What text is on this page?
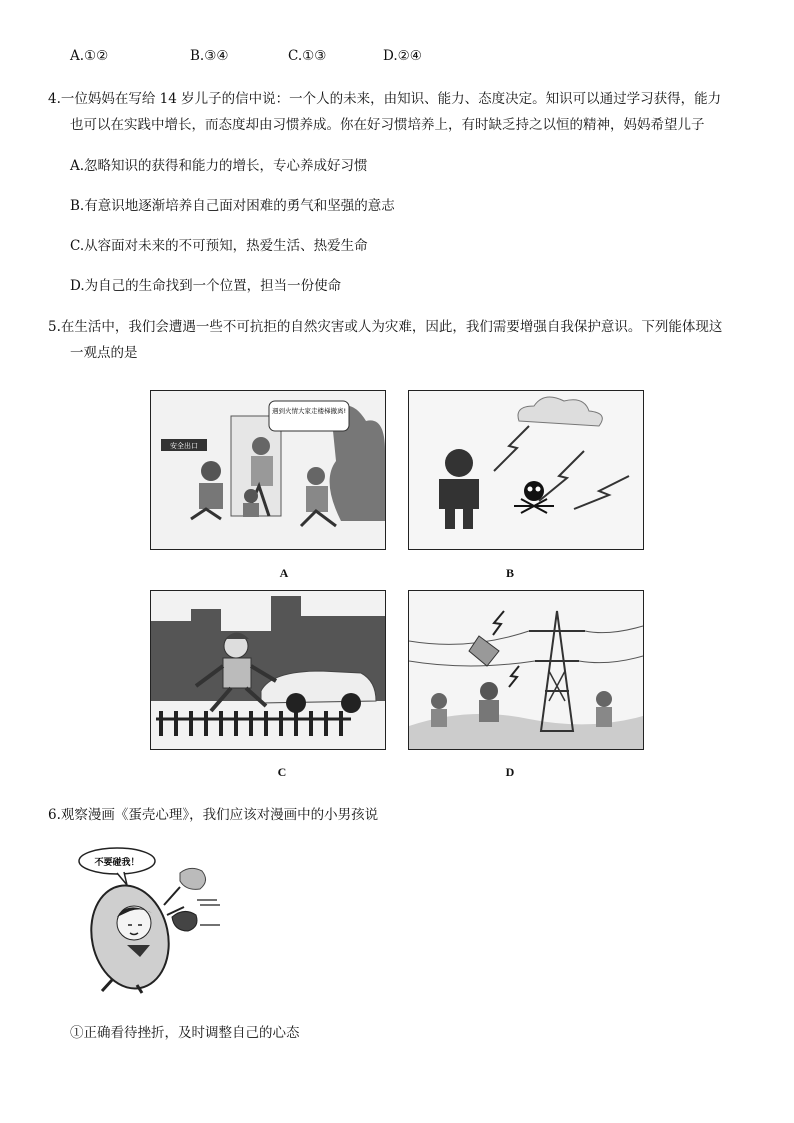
A.①②	B.③④	C.①③	D.②④
4.一位妈妈在写给 14 岁儿子的信中说：一个人的未来，由知识、能力、态度决定。知识可以通过学习获得，能力
也可以在实践中增长，而态度却由习惯养成。你在好习惯培养上，有时缺乏持之以恒的精神，妈妈希望儿子
A.忽略知识的获得和能力的增长，专心养成好习惯
B.有意识地逐渐培养自己面对困难的勇气和坚强的意志
C.从容面对未来的不可预知，热爱生活、热爱生命
D.为自己的生命找到一个位置，担当一份使命
5.在生活中，我们会遭遇一些不可抗拒的自然灾害或人为灾难，因此，我们需要增强自我保护意识。下列能体现这
一观点的是
安全出口
遇到火情大家走楼梯撤离!
A	B
C	D
6.观察漫画《蛋壳心理》，我们应该对漫画中的小男孩说
不要碰我！
①正确看待挫折，及时调整自己的心态
